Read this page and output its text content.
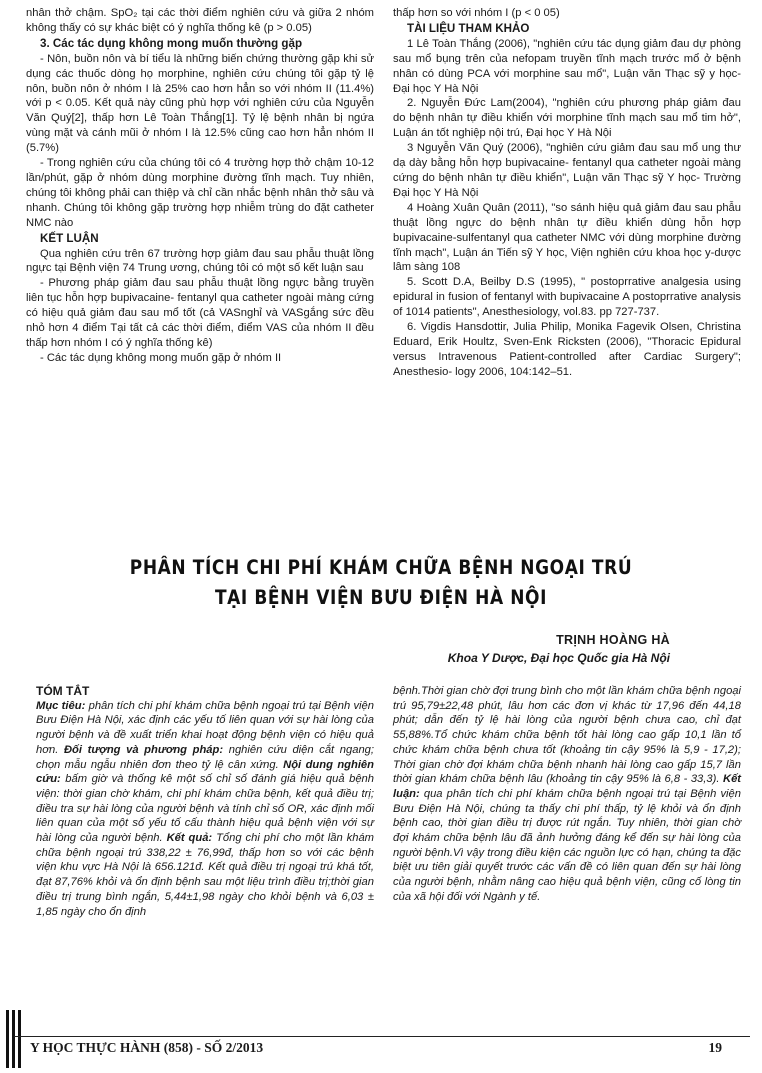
nhân thở chậm. SpO₂ tại các thời điểm nghiên cứu và giữa 2 nhóm không thấy có sự khác biệt có ý nghĩa thống kê (p > 0.05)

3. Các tác dụng không mong muốn thường gặp

- Nôn, buồn nôn và bí tiểu là những biến chứng thường gặp khi sử dụng các thuốc dòng họ morphine, nghiên cứu chúng tôi gặp tỷ lệ nôn, buồn nôn ở nhóm I là 25% cao hơn hẳn so với nhóm II (11.4%) với p < 0.05. Kết quả này cũng phù hợp với nghiên cứu của Nguyễn Văn Quý[2], thấp hơn Lê Toàn Thắng[1]. Tỷ lệ bệnh nhân bị ngứa vùng mặt và cánh mũi ở nhóm I là 12.5% cũng cao hơn hẳn nhóm II (5.7%)

- Trong nghiên cứu của chúng tôi có 4 trường hợp thở chậm 10-12 lần/phút, gặp ở nhóm dùng morphine đường tĩnh mạch. Tuy nhiên, chúng tôi không phải can thiệp và chỉ cần nhắc bệnh nhân thở sâu và nhanh. Chúng tôi không gặp trường hợp nhiễm trùng do đặt catheter NMC nào

KẾT LUẬN

Qua nghiên cứu trên 67 trường hợp giảm đau sau phẫu thuật lồng ngực tại Bệnh viện 74 Trung ương, chúng tôi có một số kết luận sau

- Phương pháp giảm đau sau phẫu thuật lồng ngực bằng truyền liên tục hỗn hợp bupivacaine- fentanyl qua catheter ngoài màng cứng có hiệu quả giảm đau sau mổ tốt (cả VASnghỉ và VASgắng sức đều nhỏ hơn 4 điểm Tại tất cả các thời điểm, điểm VAS của nhóm II đều thấp hơn nhóm I có ý nghĩa thống kê)

- Các tác dụng không mong muốn gặp ở nhóm II

thấp hơn so với nhóm I (p < 0 05)

TÀI LIỆU THAM KHẢO

1 Lê Toàn Thắng (2006), "nghiên cứu tác dụng giảm đau dự phòng sau mổ bụng trên của nefopam truyền tĩnh mạch trước mổ ở bệnh nhân có dùng PCA với morphine sau mổ", Luận văn Thạc sỹ y học- Đại học Y Hà Nội

2. Nguyễn Đức Lam(2004), "nghiên cứu phương pháp giảm đau do bệnh nhân tự điều khiển với morphine tĩnh mạch sau mổ tim hở", Luận án tốt nghiệp nội trú, Đại học Y Hà Nội

3 Nguyễn Văn Quý (2006), "nghiên cứu giảm đau sau mổ ung thư dạ dày bằng hỗn hợp bupivacaine- fentanyl qua catheter ngoài màng cứng do bệnh nhân tự điều khiển", Luận văn Thạc sỹ Y học- Trường Đại học Y Hà Nội

4 Hoàng Xuân Quân (2011), "so sánh hiệu quả giảm đau sau phẫu thuật lồng ngực do bệnh nhân tự điều khiển dùng hỗn hợp bupivacaine-sulfentanyl qua catheter NMC với dùng morphine đường tĩnh mạch", Luận án Tiến sỹ Y học, Viện nghiên cứu khoa học y-dược lâm sàng 108

5. Scott D.A, Beilby D.S (1995), " postoprrative analgesia using epidural in fusion of fentanyl with bupivacaine A postoprrative analysis of 1014 patients", Anesthesiology, vol.83. pp 727-737.

6. Vigdis Hansdottir, Julia Philip, Monika Fagevik Olsen, Christina Eduard, Erik Houltz, Sven-Enk Ricksten (2006), "Thoracic Epidural versus Intravenous Patient-controlled after Cardiac Surgery"; Anesthesio- logy 2006, 104:142–51.

PHÂN TÍCH CHI PHÍ KHÁM CHỮA BỆNH NGOẠI TRÚ
TẠI BỆNH VIỆN BƯU ĐIỆN HÀ NỘI
TRỊNH HOÀNG HÀ
Khoa Y Dược, Đại học Quốc gia Hà Nội

TÓM TẮT

Mục tiêu: phân tích chi phí khám chữa bệnh ngoại trú tại Bệnh viện Bưu Điện Hà Nội, xác định các yếu tố liên quan với sự hài lòng của người bệnh và đề xuất triển khai hoạt động bệnh viện có hiệu quả hơn. Đối tượng và phương pháp: nghiên cứu diện cắt ngang; chọn mẫu ngẫu nhiên đơn theo tỷ lệ cân xứng. Nội dung nghiên cứu: bấm giờ và thống kê một số chỉ số đánh giá hiệu quả bệnh viện: thời gian chờ khám, chi phí khám chữa bệnh, kết quả điều trị; điều tra sự hài lòng của người bệnh và tính chỉ số OR, xác định mối liên quan của một số yếu tố cấu thành hiệu quả bệnh viện với sự hài lòng của người bệnh. Kết quả: Tổng chi phí cho một lần khám chữa bệnh ngoại trú 338,22 ± 76,99đ, thấp hơn so với các bệnh viện khu vực Hà Nội là 656.121đ. Kết quả điều trị ngoại trú khá tốt, đạt 87,76% khỏi và ổn định bệnh sau một liệu trình điều trị;thời gian điều trị trung bình ngắn, 5,44±1,98 ngày cho khỏi bệnh và 6,03 ± 1,85 ngày cho ổn định

bệnh.Thời gian chờ đợi trung bình cho một lần khám chữa bệnh ngoại trú 95,79±22,48 phút, lâu hơn các đơn vị khác từ 17,96 đến 44,18 phút; dẫn đến tỷ lệ hài lòng của người bệnh chưa cao, chỉ đạt 55,88%.Tổ chức khám chữa bệnh tốt hài lòng cao gấp 10,1 lần tổ chức khám chữa bệnh chưa tốt (khoảng tin cậy 95% là 5,9 - 17,2); Thời gian chờ đợi khám chữa bệnh nhanh hài lòng cao gấp 15,7 lần thời gian khám chữa bệnh lâu (khoảng tin cậy 95% là 6,8 - 33,3). Kết luận: qua phân tích chi phí khám chữa bệnh ngoại trú tại Bệnh viện Bưu Điện Hà Nội, chúng ta thấy chi phí thấp, tỷ lệ khỏi và ổn định bệnh cao, thời gian điều trị được rút ngắn. Tuy nhiên, thời gian chờ đợi khám chữa bệnh lâu đã ảnh hưởng đáng kể đến sự hài lòng của người bệnh.Vì vậy trong điều kiện các nguồn lực có hạn, chúng ta đặc biệt ưu tiên giải quyết trước các vấn đề có liên quan đến sự hài lòng của người bệnh, nhằm nâng cao hiệu quả bệnh viện, cũng cố lòng tin của xã hội đối với Ngành y tế.

Y HỌC THỰC HÀNH (858) - SỐ 2/2013	19
